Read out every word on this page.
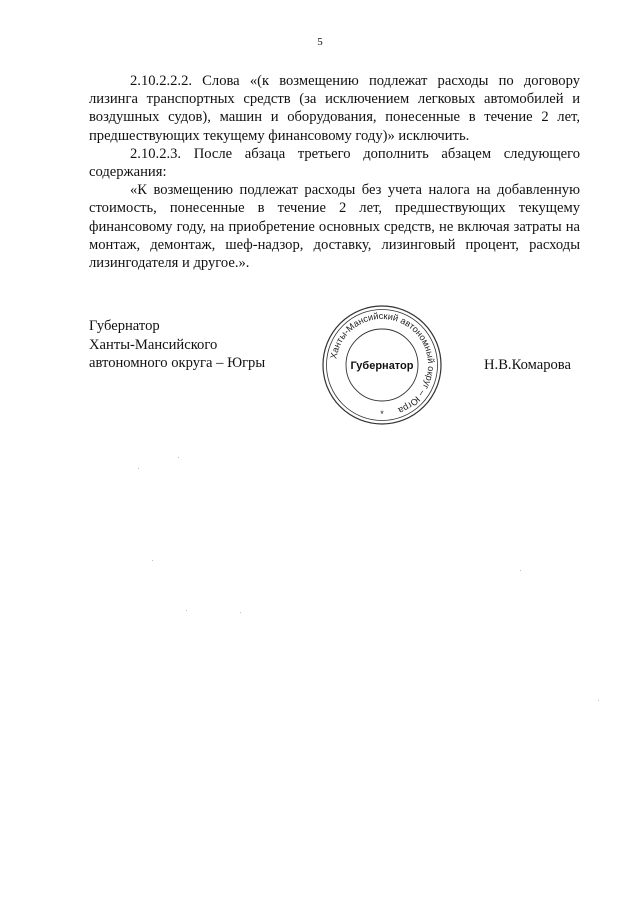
5

2.10.2.2.2. Слова «(к возмещению подлежат расходы по договору лизинга транспортных средств (за исключением легковых автомобилей и воздушных судов), машин и оборудования, понесенные в течение 2 лет, предшествующих текущему финансовому году)» исключить.

2.10.2.3. После абзаца третьего дополнить абзацем следующего содержания:

«К возмещению подлежат расходы без учета налога на добавленную стоимость, понесенные в течение 2 лет, предшествующих текущему финансовому году, на приобретение основных средств, не включая затраты на монтаж, демонтаж, шеф-надзор, доставку, лизинговый процент, расходы лизингодателя и другое.».

Губернатор
Ханты-Мансийского
автономного округа – Югры	Ханты-Мансийский автономный округ – Югра
Губернатор
*
Н.В.Комарова
